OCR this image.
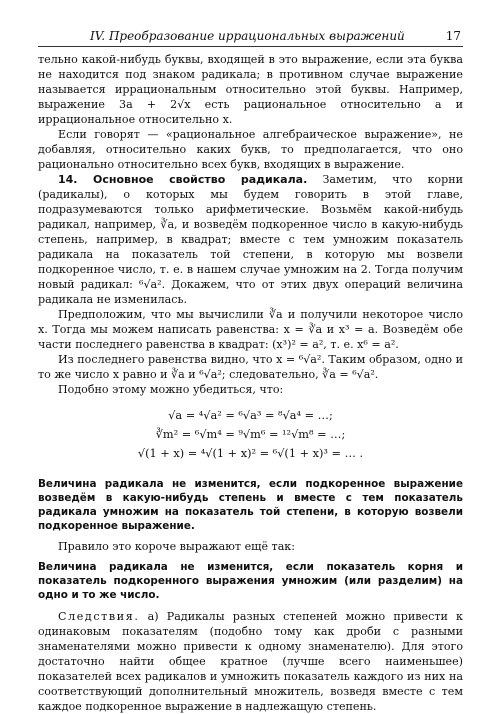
IV. Преобразование иррациональных выражений	17

тельно какой-нибудь буквы, входящей в это выражение, если эта буква не находится под знаком радикала; в противном случае выражение называется иррациональным относительно этой буквы. Например, выражение 3a + 2√x есть рациональное относительно a и иррациональное относительно x.

Если говорят — «рациональное алгебраическое выражение», не добавляя, относительно каких букв, то предполагается, что оно рационально относительно всех букв, входящих в выражение.

14. Основное свойство радикала. Заметим, что корни (радикалы), о которых мы будем говорить в этой главе, подразумеваются только арифметические. Возьмём какой-нибудь радикал, например, ∛a, и возведём подкоренное число в какую-нибудь степень, например, в квадрат; вместе с тем умножим показатель радикала на показатель той степени, в которую мы возвели подкоренное число, т. е. в нашем случае умножим на 2. Тогда получим новый радикал: ⁶√a². Докажем, что от этих двух операций величина радикала не изменилась.

Предположим, что мы вычислили ∛a и получили некоторое число x. Тогда мы можем написать равенства: x = ∛a и x³ = a. Возведём обе части последнего равенства в квадрат: (x³)² = a², т. е. x⁶ = a².

Из последнего равенства видно, что x = ⁶√a². Таким образом, одно и то же число x равно и ∛a и ⁶√a²; следовательно, ∛a = ⁶√a².

Подобно этому можно убедиться, что:

√a = ⁴√a² = ⁶√a³ = ⁸√a⁴ = …;
∛m² = ⁶√m⁴ = ⁹√m⁶ = ¹²√m⁸ = …;
√(1 + x) = ⁴√(1 + x)² = ⁶√(1 + x)³ = … .
Величина радикала не изменится, если подкоренное выражение возведём в какую-нибудь степень и вместе с тем показатель радикала умножим на показатель той степени, в которую возвели подкоренное выражение.

Правило это короче выражают ещё так:

Величина радикала не изменится, если показатель корня и показатель подкоренного выражения умножим (или разделим) на одно и то же число.

Следствия. а) Радикалы разных степеней можно привести к одинаковым показателям (подобно тому как дроби с разными знаменателями можно привести к одному знаменателю). Для этого достаточно найти общее кратное (лучше всего наименьшее) показателей всех радикалов и умножить показатель каждого из них на соответствующий дополнительный множитель, возведя вместе с тем каждое подкоренное выражение в надлежащую степень.
